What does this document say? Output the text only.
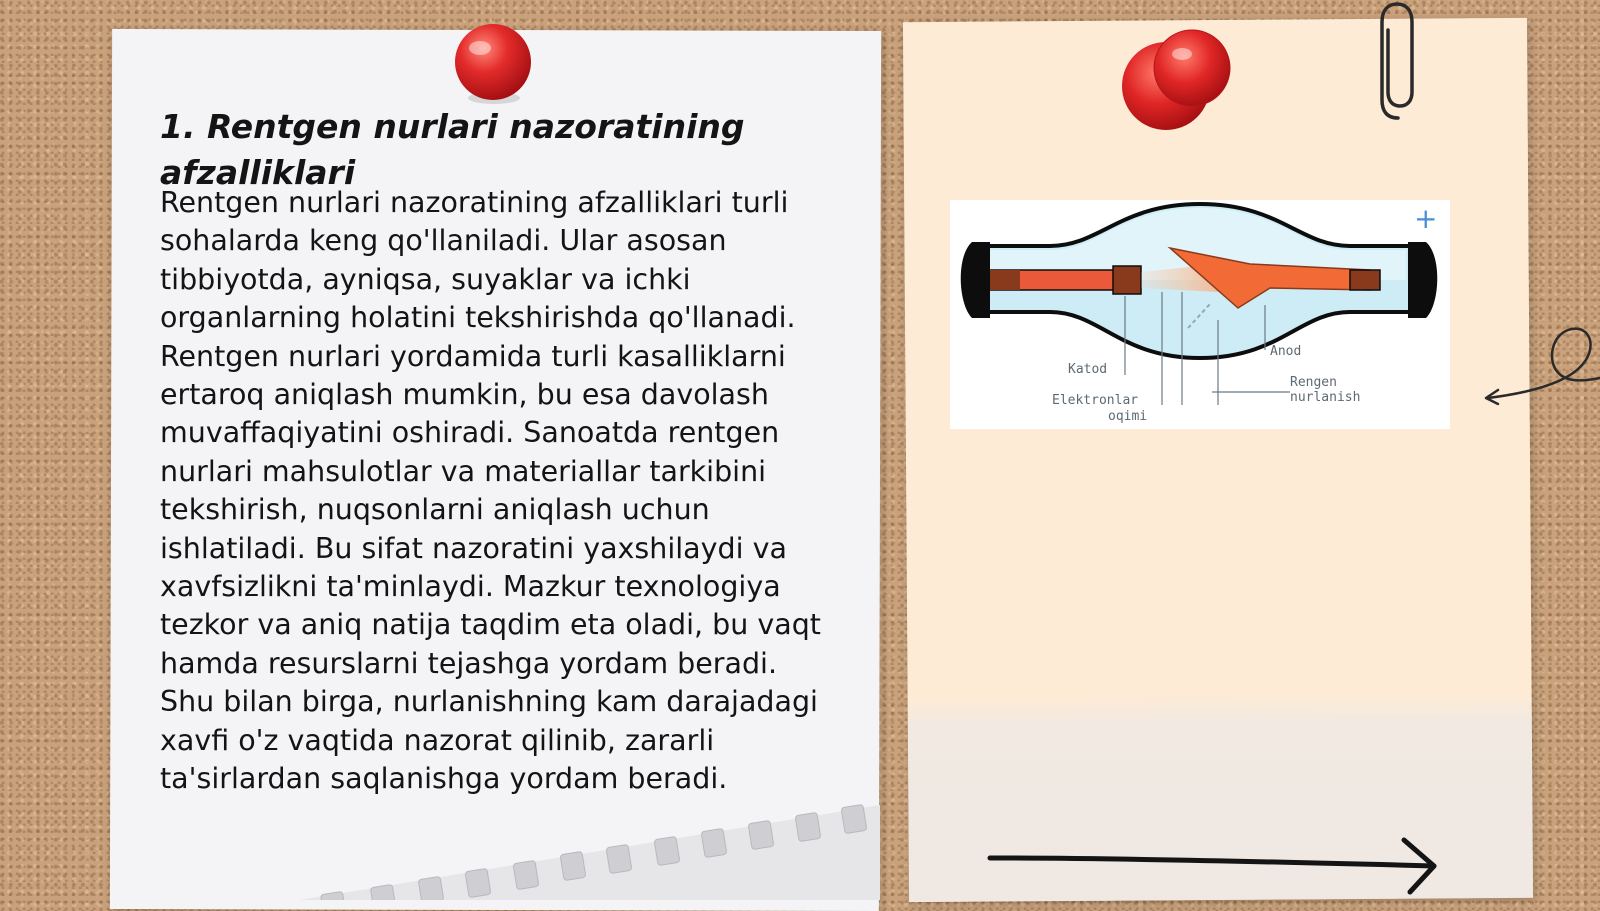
1. Rentgen nurlari nazoratining afzalliklari

Rentgen nurlari nazoratining afzalliklari turli sohalarda keng qo'llaniladi. Ular asosan tibbiyotda, ayniqsa, suyaklar va ichki organlarning holatini tekshirishda qo'llanadi. Rentgen nurlari yordamida turli kasalliklarni ertaroq aniqlash mumkin, bu esa davolash muvaffaqiyatini oshiradi. Sanoatda rentgen nurlari mahsulotlar va materiallar tarkibini tekshirish, nuqsonlarni aniqlash uchun ishlatiladi. Bu sifat nazoratini yaxshilaydi va xavfsizlikni ta'minlaydi. Mazkur texnologiya tezkor va aniq natija taqdim eta oladi, bu vaqt hamda resurslarni tejashga yordam beradi. Shu bilan birga, nurlanishning kam darajadagi xavfi o'z vaqtida nazorat qilinib, zararli ta'sirlardan saqlanishga yordam beradi.

+
Katod
Anod
Elektronlar
oqimi
Rengen
nurlanish
